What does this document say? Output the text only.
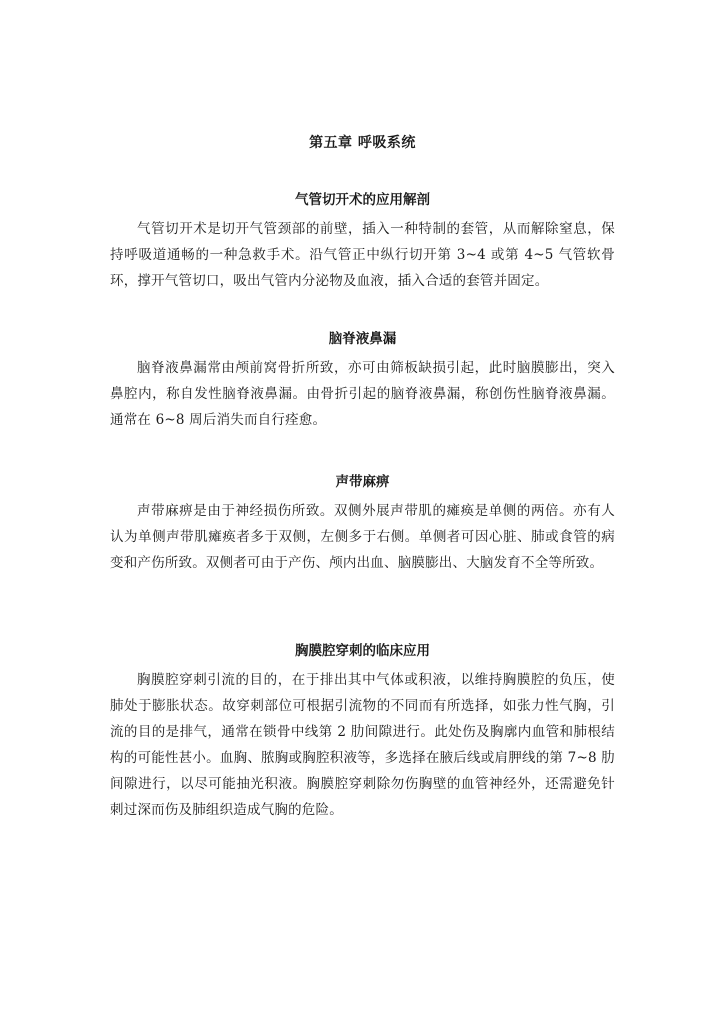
第五章 呼吸系统
气管切开术的应用解剖

气管切开术是切开气管颈部的前壁，插入一种特制的套管，从而解除窒息，保持呼吸道通畅的一种急救手术。沿气管正中纵行切开第 3~4 或第 4~5 气管软骨环，撑开气管切口，吸出气管内分泌物及血液，插入合适的套管并固定。

脑脊液鼻漏

脑脊液鼻漏常由颅前窝骨折所致，亦可由筛板缺损引起，此时脑膜膨出，突入鼻腔内，称自发性脑脊液鼻漏。由骨折引起的脑脊液鼻漏，称创伤性脑脊液鼻漏。通常在 6~8 周后消失而自行痊愈。

声带麻痹

声带麻痹是由于神经损伤所致。双侧外展声带肌的瘫痪是单侧的两倍。亦有人认为单侧声带肌瘫痪者多于双侧，左侧多于右侧。单侧者可因心脏、肺或食管的病变和产伤所致。双侧者可由于产伤、颅内出血、脑膜膨出、大脑发育不全等所致。

胸膜腔穿刺的临床应用

胸膜腔穿刺引流的目的，在于排出其中气体或积液，以维持胸膜腔的负压，使肺处于膨胀状态。故穿刺部位可根据引流物的不同而有所选择，如张力性气胸，引流的目的是排气，通常在锁骨中线第 2 肋间隙进行。此处伤及胸廓内血管和肺根结构的可能性甚小。血胸、脓胸或胸腔积液等，多选择在腋后线或肩胛线的第 7~8 肋间隙进行，以尽可能抽光积液。胸膜腔穿刺除勿伤胸壁的血管神经外，还需避免针刺过深而伤及肺组织造成气胸的危险。
